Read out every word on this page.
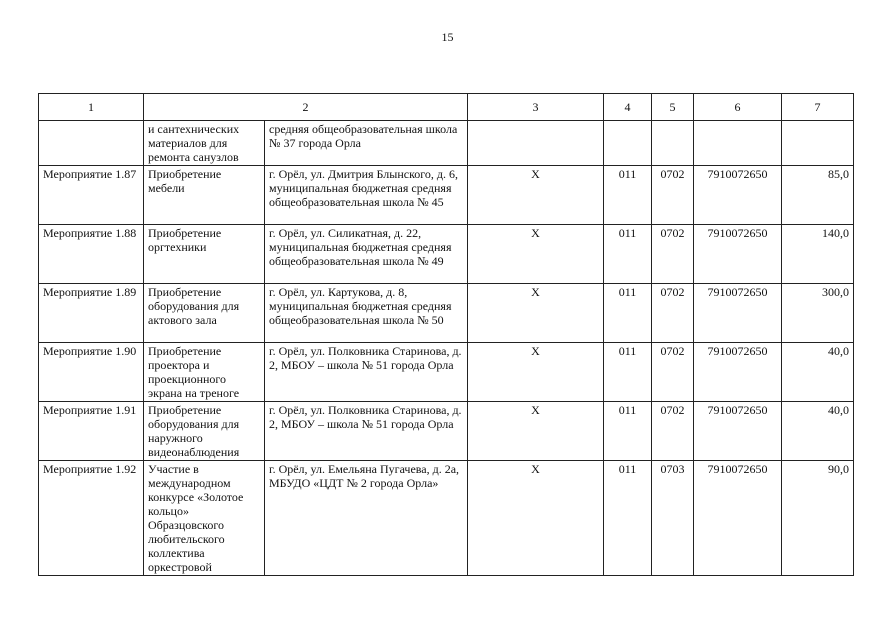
15
1	2		3	4	5	6	7
	и сантехнических материалов для ремонта санузлов	средняя общеобразовательная школа № 37 города Орла					
Мероприятие 1.87	Приобретение мебели	г. Орёл, ул. Дмитрия Блынского, д. 6, муниципальная бюджетная средняя общеобразовательная школа № 45	Х	011	0702	7910072650	85,0
Мероприятие 1.88	Приобретение оргтехники	г. Орёл, ул. Силикатная, д. 22, муниципальная бюджетная средняя общеобразовательная школа № 49	Х	011	0702	7910072650	140,0
Мероприятие 1.89	Приобретение оборудования для актового зала	г. Орёл, ул. Картукова, д. 8, муниципальная бюджетная средняя общеобразовательная школа № 50	Х	011	0702	7910072650	300,0
Мероприятие 1.90	Приобретение проектора и проекционного экрана на треноге	г. Орёл, ул. Полковника Старинова, д. 2, МБОУ – школа № 51 города Орла	Х	011	0702	7910072650	40,0
Мероприятие 1.91	Приобретение оборудования для наружного видеонаблюдения	г. Орёл, ул. Полковника Старинова, д. 2, МБОУ – школа № 51 города Орла	Х	011	0702	7910072650	40,0
Мероприятие 1.92	Участие в международном конкурсе «Золотое кольцо» Образцовского любительского коллектива оркестровой	г. Орёл, ул. Емельяна Пугачева, д. 2а, МБУДО «ЦДТ № 2 города Орла»	Х	011	0703	7910072650	90,0
